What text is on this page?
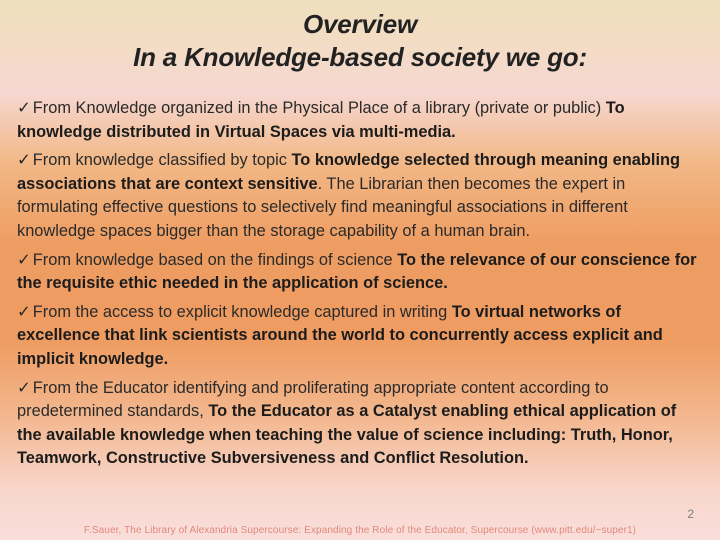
Overview
In a Knowledge-based society we go:
✓ From Knowledge organized in the Physical Place of a library (private or public) To knowledge distributed in Virtual Spaces via multi-media.
✓ From knowledge classified by topic To knowledge selected through meaning enabling associations that are context sensitive. The Librarian then becomes the expert in formulating effective questions to selectively find meaningful associations in different knowledge spaces bigger than the storage capability of a human brain.
✓ From knowledge based on the findings of science To the relevance of our conscience for the requisite ethic needed in the application of science.
✓ From the access to explicit knowledge captured in writing To virtual networks of excellence that link scientists around the world to concurrently access explicit and implicit knowledge.
✓ From the Educator identifying and proliferating appropriate content according to predetermined standards, To the Educator as a Catalyst enabling ethical application of the available knowledge when teaching the value of science including: Truth, Honor, Teamwork, Constructive Subversiveness and Conflict Resolution.
2
F.Sauer, The Library of Alexandria Supercourse: Expanding the Role of the Educator, Supercourse (www.pitt.edu/~super1)
